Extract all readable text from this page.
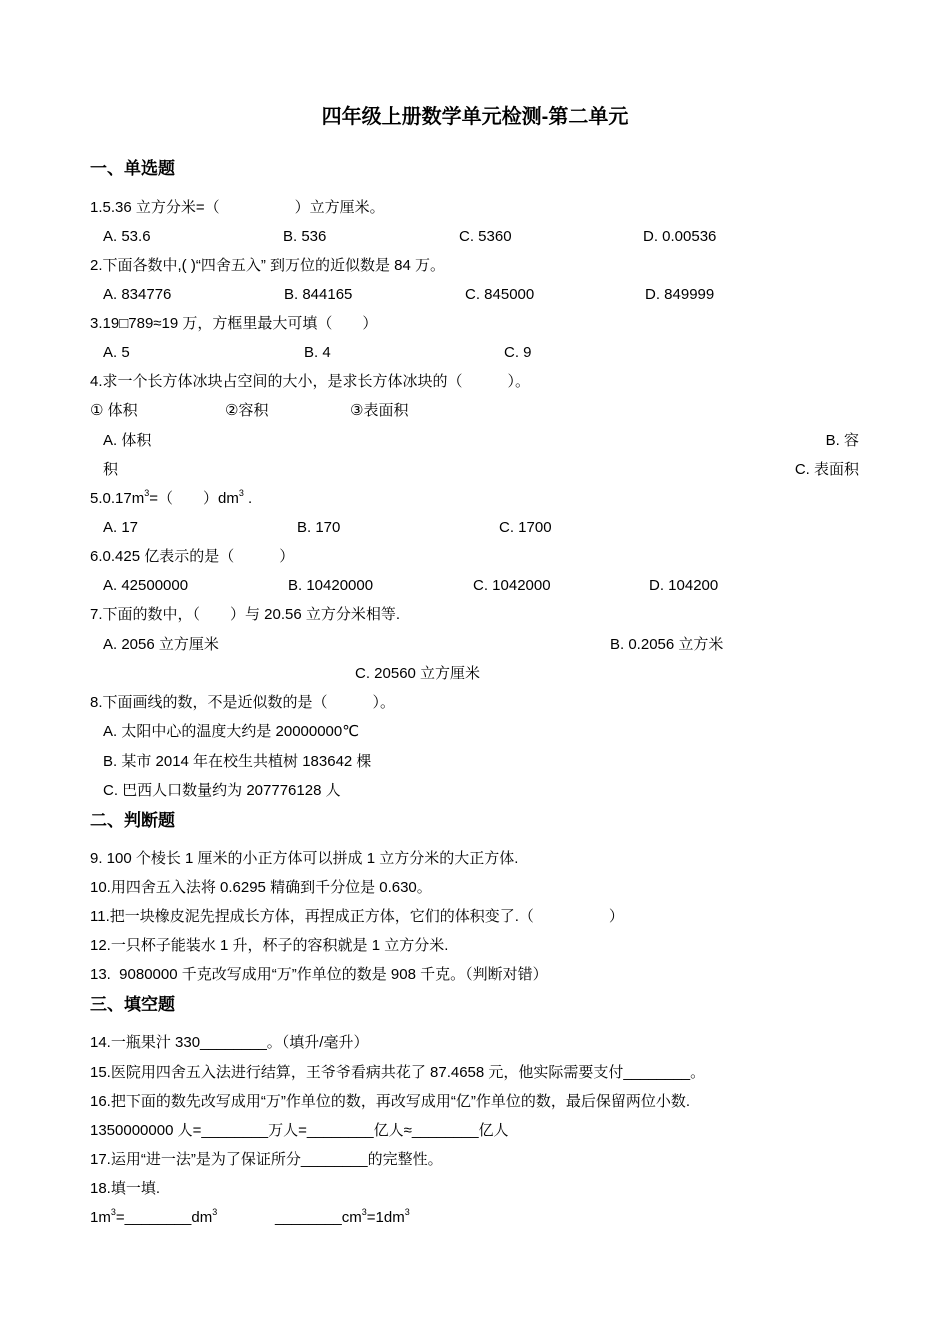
四年级上册数学单元检测-第二单元
一、单选题
1.5.36 立方分米=（　　　　　）立方厘米。
A. 53.6	B. 536	C. 5360	D. 0.00536
2.下面各数中,( )“四舍五入” 到万位的近似数是 84 万。
A. 834776	B. 844165	C. 845000	D. 849999
3.19□789≈19 万，方框里最大可填（　　）
A. 5	B. 4	C. 9
4.求一个长方体冰块占空间的大小，是求长方体冰块的（　　　）。
① 体积	②容积	③表面积
A. 体积	B. 容
积	C. 表面积
$5.0.17m^3=$（　　）$dm^3$ .
A. 17	B. 170	C. 1700
6.0.425 亿表示的是（　　　）
A. 42500000	B. 10420000	C. 1042000	D. 104200
7.下面的数中，（　　）与 20.56 立方分米相等.
A. 2056 立方厘米	B. 0.2056 立方米
C. 20560 立方厘米
8.下面画线的数，不是近似数的是（　　　）。
A. 太阳中心的温度大约是 20000000℃
B. 某市 2014 年在校生共植树 183642 棵
C. 巴西人口数量约为 207776128 人
二、判断题
9. 100 个棱长 1 厘米的小正方体可以拼成 1 立方分米的大正方体.
10.用四舍五入法将 0.6295 精确到千分位是 0.630。
11.把一块橡皮泥先捏成长方体，再捏成正方体，它们的体积变了.（　　　　　）
12.一只杯子能装水 1 升，杯子的容积就是 1 立方分米.
13.  9080000 千克改写成用“万”作单位的数是 908 千克。（判断对错）
三、填空题
14.一瓶果汁 330________。（填升/毫升）
15.医院用四舍五入法进行结算，王爷爷看病共花了 87.4658 元，他实际需要支付________。
16.把下面的数先改写成用“万”作单位的数，再改写成用“亿”作单位的数，最后保留两位小数.
1350000000 人=________万人=________亿人≈________亿人
17.运用“进一法”是为了保证所分________的完整性。
18.填一填.
$1m^3=\_\_\_\_\_\_\_\_dm^3$	$\_\_\_\_\_\_\_\_cm^3=1dm^3$
